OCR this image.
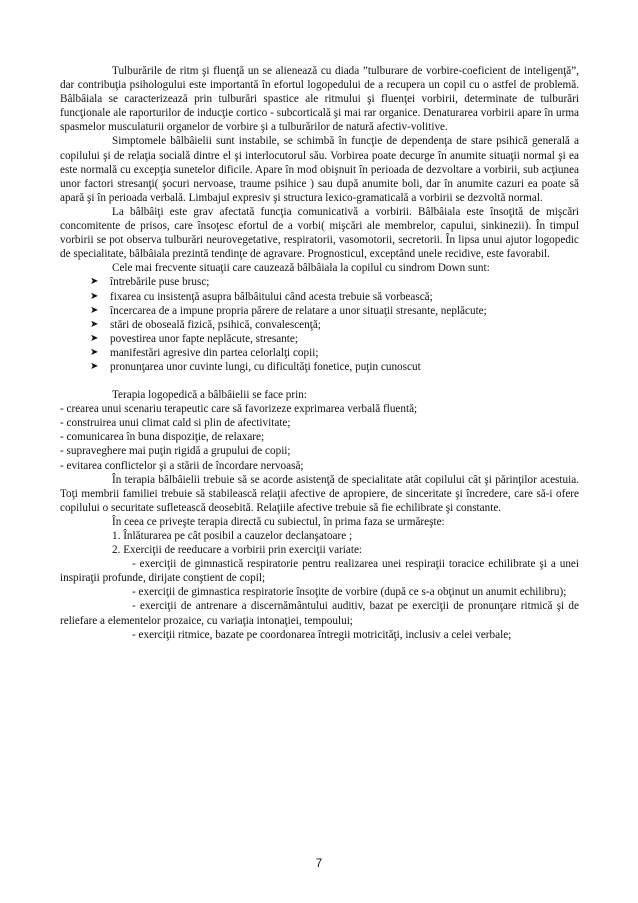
Tulburările de ritm şi fluenţă un se alienează cu diada ”tulburare de vorbire-coeficient de inteligenţă”, dar contribuţia psihologului este importantă în efortul logopedului de a recupera un copil cu o astfel de problemă. Bâlbâiala se caracterizează prin tulburări spastice ale ritmului şi fluenţei vorbirii, determinate de tulburări funcţionale ale raporturilor de inducţie cortico - subcorticală şi mai rar organice. Denaturarea vorbirii apare în urma spasmelor musculaturii organelor de vorbire şi a tulburărilor de natură afectiv-volitive.

Simptomele bâlbâielii sunt instabile, se schimbă în funcţie de dependenţa de stare psihică generală a copilului şi de relaţia socială dintre el şi interlocutorul său. Vorbirea poate decurge în anumite situaţii normal şi ea este normală cu excepţia sunetelor dificile. Apare în mod obişnuit în perioada de dezvoltare a vorbirii, sub acţiunea unor factori stresanţi( şocuri nervoase, traume psihice ) sau după anumite boli, dar în anumite cazuri ea poate să apară şi în perioada verbală. Limbajul expresiv şi structura lexico-gramaticală a vorbirii se dezvoltă normal.

La bâlbâiţi este grav afectată funcţia comunicativă a vorbirii. Bâlbâiala este însoţită de mişcări concomitente de prisos, care însoţesc efortul de a vorbi( mişcări ale membrelor, capului, sinkinezii). În timpul vorbirii se pot observa tulburări neurovegetative, respiratorii, vasomotorii, secretorii. În lipsa unui ajutor logopedic de specialitate, bâlbâiala prezintă tendinţe de agravare. Prognosticul, exceptând unele recidive, este favorabil.

Cele mai frecvente situaţii care cauzează bâlbâiala la copilul cu sindrom Down sunt:

➤ întrebările puse brusc;
➤ fixarea cu insistenţă asupra bâlbâitului când acesta trebuie să vorbească;
➤ încercarea de a impune propria părere de relatare a unor situaţii stresante, neplăcute;
➤ stări de oboseală fizică, psihică, convalescenţă;
➤ povestirea unor fapte neplăcute, stresante;
➤ manifestări agresive din partea celorlalţi copii;
➤ pronunţarea unor cuvinte lungi, cu dificultăţi fonetice, puţin cunoscut

Terapia logopedică a bâlbâielii se face prin:

- crearea unui scenariu terapeutic care să favorizeze exprimarea verbală fluentă;

- construirea unui climat cald si plin de afectivitate;

- comunicarea în buna dispoziţie, de relaxare;

- supraveghere mai puţin rigidă a grupului de copii;

- evitarea conflictelor şi a stării de încordare nervoasă;

În terapia bâlbâielii trebuie să se acorde asistenţă de specialitate atât copilului cât şi părinţilor acestuia. Toţi membrii familiei trebuie să stabilească relaţii afective de apropiere, de sinceritate şi încredere, care să-i ofere copilului o securitate sufletească deosebită. Relaţiile afective trebuie să fie echilibrate şi constante.

În ceea ce priveşte terapia directă cu subiectul, în prima faza se urmăreşte:

1. Înlăturarea pe cât posibil a cauzelor declanşatoare ;

2. Exerciţii de reeducare a vorbirii prin exerciţii variate:

- exerciţii de gimnastică respiratorie pentru realizarea unei respiraţii toracice echilibrate şi a unei inspiraţii profunde, dirijate conştient de copil;

- exerciţii de gimnastica respiratorie însoţite de vorbire (după ce s-a obţinut un anumit echilibru);

- exerciţii de antrenare a discernământului auditiv, bazat pe exerciţii de pronunţare ritmică şi de reliefare a elementelor prozaice, cu variaţia intonaţiei, tempoului;

- exerciţii ritmice, bazate pe coordonarea întregii motricităţi, inclusiv a celei verbale;

7
